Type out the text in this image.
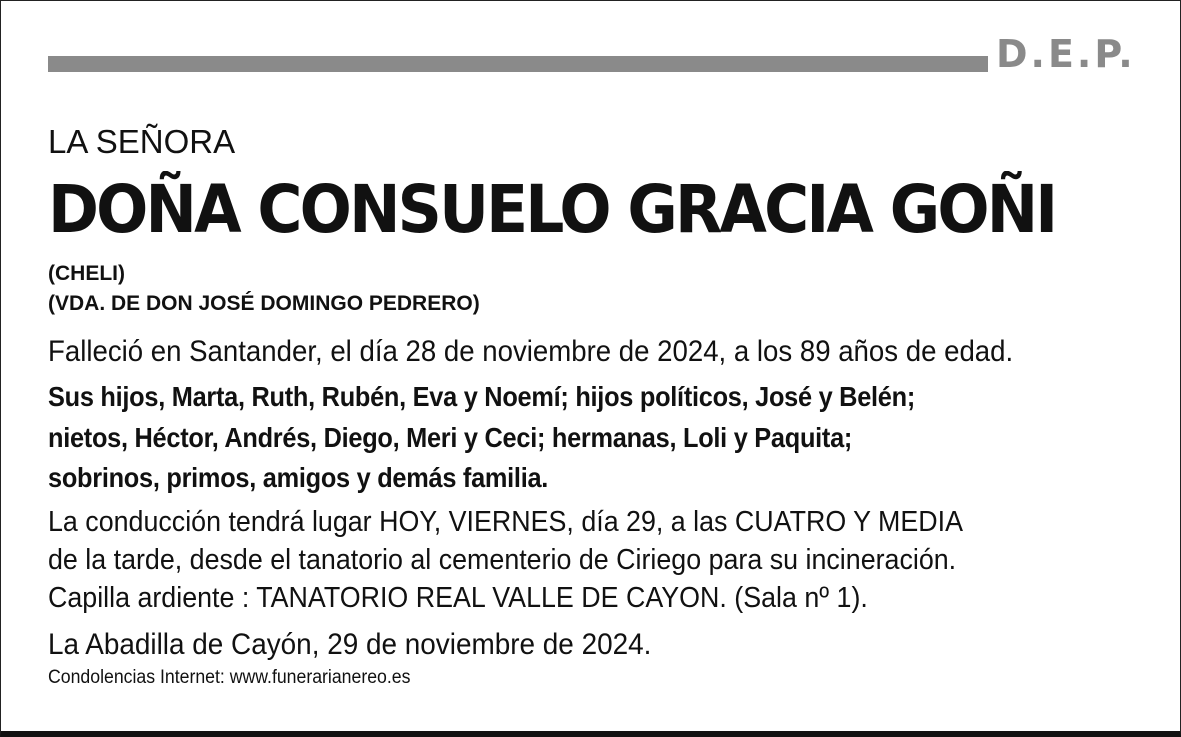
D.E.P.
LA SEÑORA
DOÑA CONSUELO GRACIA GOÑI
(CHELI)
(VDA. DE DON JOSÉ DOMINGO PEDRERO)
Falleció en Santander, el día 28 de noviembre de 2024, a los 89 años de edad.
Sus hijos, Marta, Ruth, Rubén, Eva y Noemí; hijos políticos, José y Belén;
nietos, Héctor, Andrés, Diego, Meri y Ceci; hermanas, Loli y Paquita;
sobrinos, primos, amigos y demás familia.
La conducción tendrá lugar HOY, VIERNES, día 29, a las CUATRO Y MEDIA
de la tarde, desde el tanatorio al cementerio de Ciriego para su incineración.
Capilla ardiente : TANATORIO REAL VALLE DE CAYON. (Sala nº 1).
La Abadilla de Cayón, 29 de noviembre de 2024.
Condolencias Internet: www.funerarianereo.es
